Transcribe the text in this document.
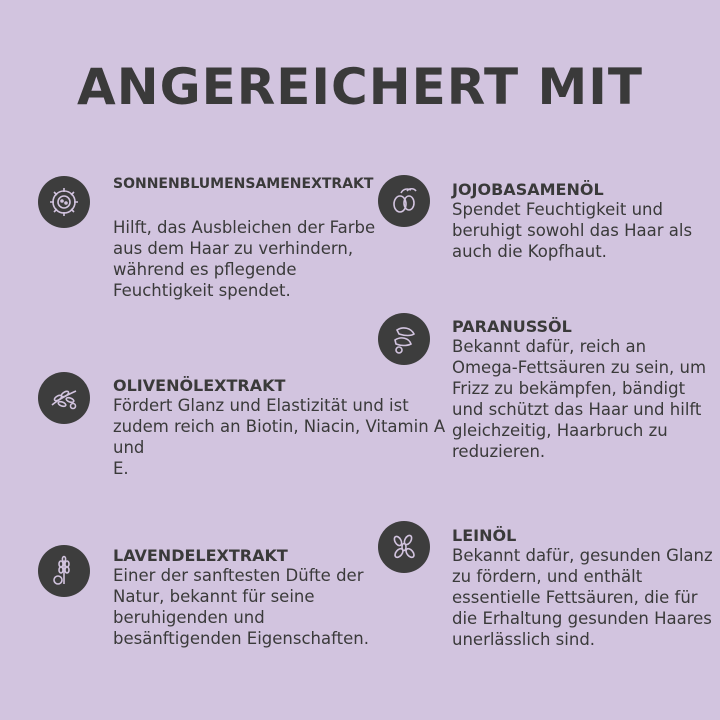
ANGEREICHERT MIT
SONNENBLUMENSAMENEXTRAKT

Hilft, das Ausbleichen der Farbe
aus dem Haar zu verhindern,
während es pflegende
Feuchtigkeit spendet.

OLIVENÖLEXTRAKT

Fördert Glanz und Elastizität und ist
zudem reich an Biotin, Niacin, Vitamin A
und
E.

LAVENDELEXTRAKT

Einer der sanftesten Düfte der
Natur, bekannt für seine
beruhigenden und
besänftigenden Eigenschaften.

JOJOBASAMENÖL

Spendet Feuchtigkeit und
beruhigt sowohl das Haar als
auch die Kopfhaut.

PARANUSSÖL

Bekannt dafür, reich an
Omega-Fettsäuren zu sein, um
Frizz zu bekämpfen, bändigt
und schützt das Haar und hilft
gleichzeitig, Haarbruch zu
reduzieren.

LEINÖL

Bekannt dafür, gesunden Glanz
zu fördern, und enthält
essentielle Fettsäuren, die für
die Erhaltung gesunden Haares
unerlässlich sind.
